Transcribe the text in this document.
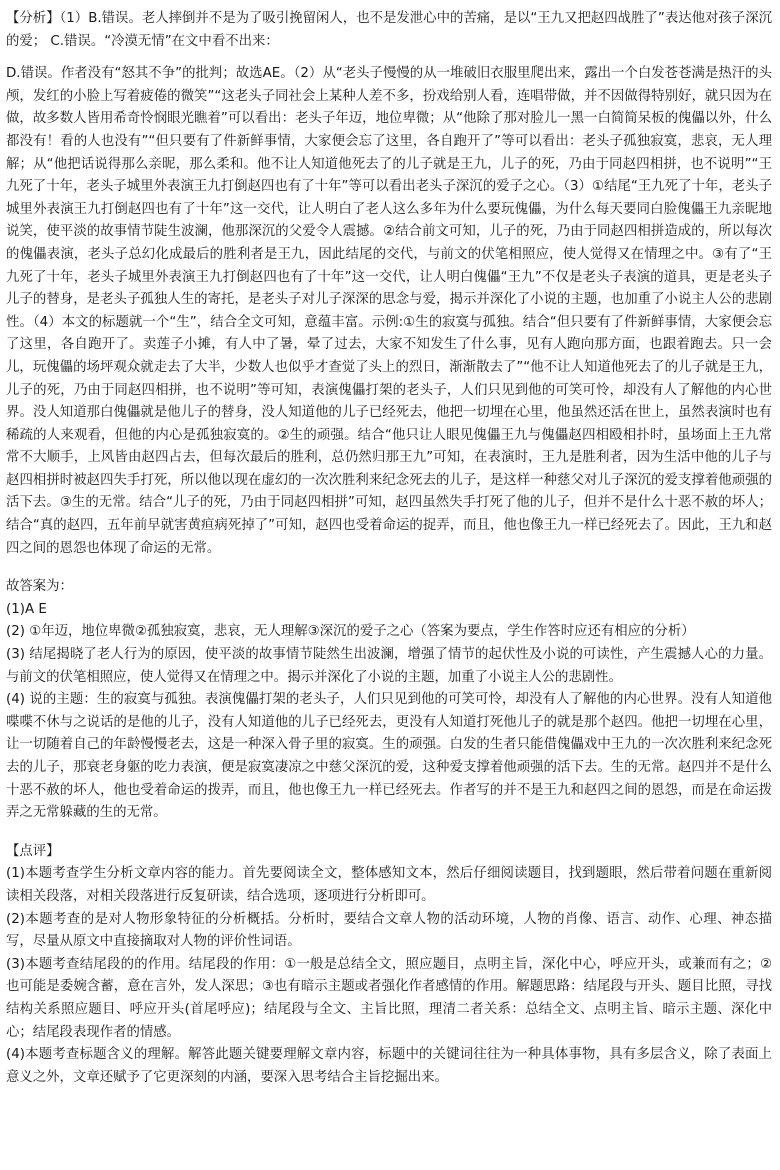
【分析】（1）B.错误。老人摔倒并不是为了吸引挽留闲人，也不是发泄心中的苦痛，是以“王九又把赵四战胜了”表达他对孩子深沉的爱； C.错误。“冷漠无情”在文中看不出来：

D.错误。作者没有“怒其不争”的批判；故选AE。（2）从“老头子慢慢的从一堆破旧衣服里爬出来，露出一个白发苍苍满是热汗的头颅，发红的小脸上写着疲倦的微笑”“这老头子同社会上某种人差不多，扮戏给别人看，连唱带做，并不因做得特别好，就只因为在做，故多数人皆用希奇怜悯眼光瞧着”可以看出：老头子年迈，地位卑微；从“他除了那对脸儿一黑一白简简呆板的傀儡以外，什么都没有！看的人也没有”“但只要有了件新鲜事情，大家便会忘了这里，各自跑开了”等可以看出：老头子孤独寂寞，悲哀，无人理解；从“他把话说得那么亲昵，那么柔和。他不让人知道他死去了的儿子就是王九，儿子的死，乃由于同赵四相拼，也不说明”“王九死了十年，老头子城里外表演王九打倒赵四也有了十年”等可以看出老头子深沉的爱子之心。（3）①结尾“王九死了十年，老头子城里外表演王九打倒赵四也有了十年”这一交代，让人明白了老人这么多年为什么要玩傀儡，为什么每天要同白脸傀儡王九亲昵地说笑，使平淡的故事情节陡生波澜，他那深沉的父爱令人震撼。②结合前文可知，儿子的死，乃由于同赵四相拼造成的，所以每次的傀儡表演，老头子总幻化成最后的胜利者是王九，因此结尾的交代，与前文的伏笔相照应，使人觉得又在情理之中。③有了“王九死了十年，老头子城里外表演王九打倒赵四也有了十年”这一交代，让人明白傀儡“王九”不仅是老头子表演的道具，更是老头子儿子的替身，是老头子孤独人生的寄托，是老头子对儿子深深的思念与爱，揭示并深化了小说的主题，也加重了小说主人公的悲剧性。（4）本文的标题就一个“生”，结合全文可知，意蕴丰富。示例:①生的寂寞与孤独。结合“但只要有了件新鲜事情，大家便会忘了这里，各自跑开了。卖莲子小摊，有人中了暑，晕了过去，大家不知发生了什么事，见有人跑向那方面，也跟着跑去。只一会儿，玩傀儡的场坪观众就走去了大半，少数人也似乎才查觉了头上的烈日，渐渐散去了”“他不让人知道他死去了的儿子就是王九，儿子的死，乃由于同赵四相拼，也不说明”等可知，表演傀儡打架的老头子，人们只见到他的可笑可怜，却没有人了解他的内心世界。没人知道那白傀儡就是他儿子的替身，没人知道他的儿子已经死去，他把一切埋在心里，他虽然还活在世上，虽然表演时也有稀疏的人来观看，但他的内心是孤独寂寞的。②生的顽强。结合“他只让人眼见傀儡王九与傀儡赵四相殴相扑时，虽场面上王九常常不大顺手，上风皆由赵四占去，但每次最后的胜利，总仍然归那王九”可知，在表演时，王九是胜利者，因为生活中他的儿子与赵四相拼时被赵四失手打死，所以他以现在虚幻的一次次胜利来纪念死去的儿子，是这样一种慈父对儿子深沉的爱支撑着他顽强的活下去。③生的无常。结合“儿子的死，乃由于同赵四相拼”可知，赵四虽然失手打死了他的儿子，但并不是什么十恶不赦的坏人；结合“真的赵四，五年前早就害黄疸病死掉了”可知，赵四也受着命运的捉弄，而且，他也像王九一样已经死去了。因此，王九和赵四之间的恩怨也体现了命运的无常。

故答案为：

(1)A E

(2) ①年迈，地位卑微②孤独寂寞，悲哀，无人理解③深沉的爱子之心（答案为要点，学生作答时应还有相应的分析）

(3) 结尾揭晓了老人行为的原因，使平淡的故事情节陡然生出波澜，增强了情节的起伏性及小说的可读性，产生震撼人心的力量。与前文的伏笔相照应，使人觉得又在情理之中。揭示并深化了小说的主题，加重了小说主人公的悲剧性。

(4) 说的主题：生的寂寞与孤独。表演傀儡打架的老头子，人们只见到他的可笑可怜，却没有人了解他的内心世界。没有人知道他喋喋不休与之说话的是他的儿子，没有人知道他的儿子已经死去，更没有人知道打死他儿子的就是那个赵四。他把一切埋在心里，让一切随着自己的年龄慢慢老去，这是一种深入骨子里的寂寞。生的顽强。白发的生者只能借傀儡戏中王九的一次次胜利来纪念死去的儿子，那衰老身躯的吃力表演，便是寂寞凄凉之中慈父深沉的爱，这种爱支撑着他顽强的活下去。生的无常。赵四并不是什么十恶不赦的坏人，他也受着命运的拨弄，而且，他也像王九一样已经死去。作者写的并不是王九和赵四之间的恩怨，而是在命运拨弄之无常躲藏的生的无常。

【点评】

(1)本题考查学生分析文章内容的能力。首先要阅读全文，整体感知文本，然后仔细阅读题目，找到题眼，然后带着问题在重新阅读相关段落，对相关段落进行反复研读，结合选项，逐项进行分析即可。

(2)本题考查的是对人物形象特征的分析概括。分析时，要结合文章人物的活动环境，人物的肖像、语言、动作、心理、神态描写，尽量从原文中直接摘取对人物的评价性词语。

(3)本题考查结尾段的的作用。结尾段的作用：①一般是总结全文，照应题目，点明主旨，深化中心，呼应开头，或兼而有之；②也可能是委婉含蓄，意在言外，发人深思；③也有暗示主题或者强化作者感情的作用。解题思路：结尾段与开头、题目比照，寻找结构关系照应题目、呼应开头(首尾呼应)；结尾段与全文、主旨比照，理清二者关系：总结全文、点明主旨、暗示主题、深化中心；结尾段表现作者的情感。

(4)本题考查标题含义的理解。解答此题关键要理解文章内容，标题中的关键词往往为一种具体事物，具有多层含义，除了表面上意义之外，文章还赋予了它更深刻的内涵，要深入思考结合主旨挖掘出来。
